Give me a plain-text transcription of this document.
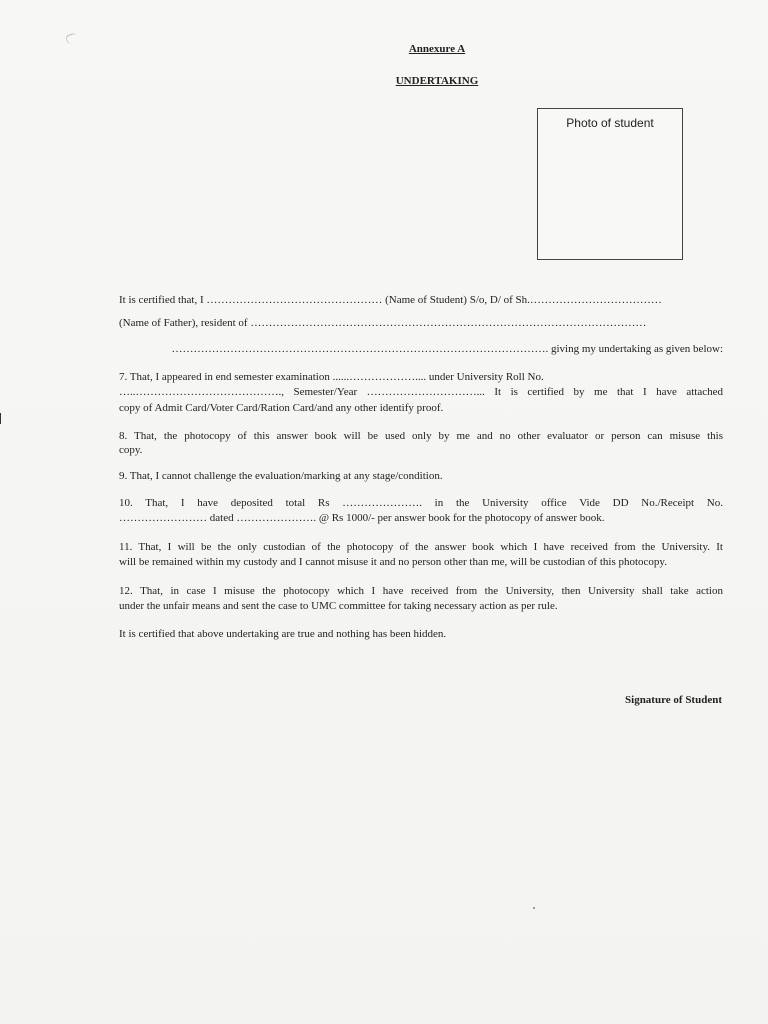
Annexure A
UNDERTAKING
Photo of student
It is certified that, I ………………………………………… (Name of Student) S/o, D/ of Sh.………………………………
(Name of Father), resident of ………………………………………………………………………………………………
…………………………………………………………………………………………. giving my undertaking as given below:
7. That, I appeared in end semester examination ......……………….... under University Roll No.
…..…………………………………., Semester/Year …………………………... It is certified by me that I have attached
copy of Admit Card/Voter Card/Ration Card/and any other identify proof.
8. That, the photocopy of this answer book will be used only by me and no other evaluator or person can misuse this
copy.
9. That, I cannot challenge the evaluation/marking at any stage/condition.
10. That, I have deposited total Rs …………………. in the University office Vide DD No./Receipt No.
…………………… dated …………………. @ Rs 1000/- per answer book for the photocopy of answer book.
11. That, I will be the only custodian of the photocopy of the answer book which I have received from the University. It
will be remained within my custody and I cannot misuse it and no person other than me, will be custodian of this photocopy.
12. That, in case I misuse the photocopy which I have received from the University, then University shall take action
under the unfair means and sent the case to UMC committee for taking necessary action as per rule.
It is certified that above undertaking are true and nothing has been hidden.
Signature of Student
